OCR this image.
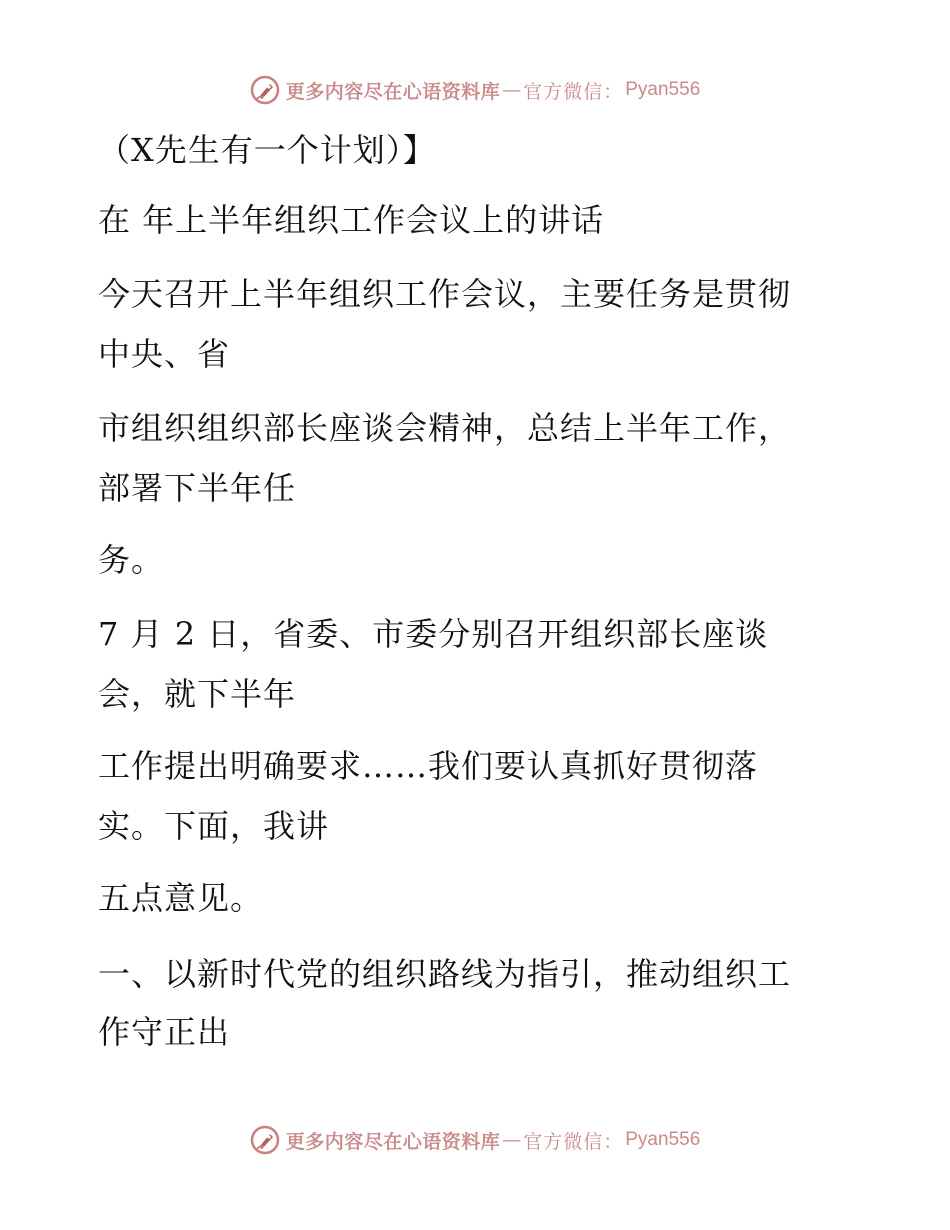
更多内容尽在心语资料库 — 官方微信： Pyan556
（X先生有一个计划）】
在 年上半年组织工作会议上的讲话
今天召开上半年组织工作会议，主要任务是贯彻
中央、省
市组织组织部长座谈会精神，总结上半年工作，
部署下半年任
务。
7 月 2 日，省委、市委分别召开组织部长座谈
会，就下半年
工作提出明确要求……我们要认真抓好贯彻落
实。下面，我讲
五点意见。
一、以新时代党的组织路线为指引，推动组织工
作守正出
更多内容尽在心语资料库 — 官方微信： Pyan556
